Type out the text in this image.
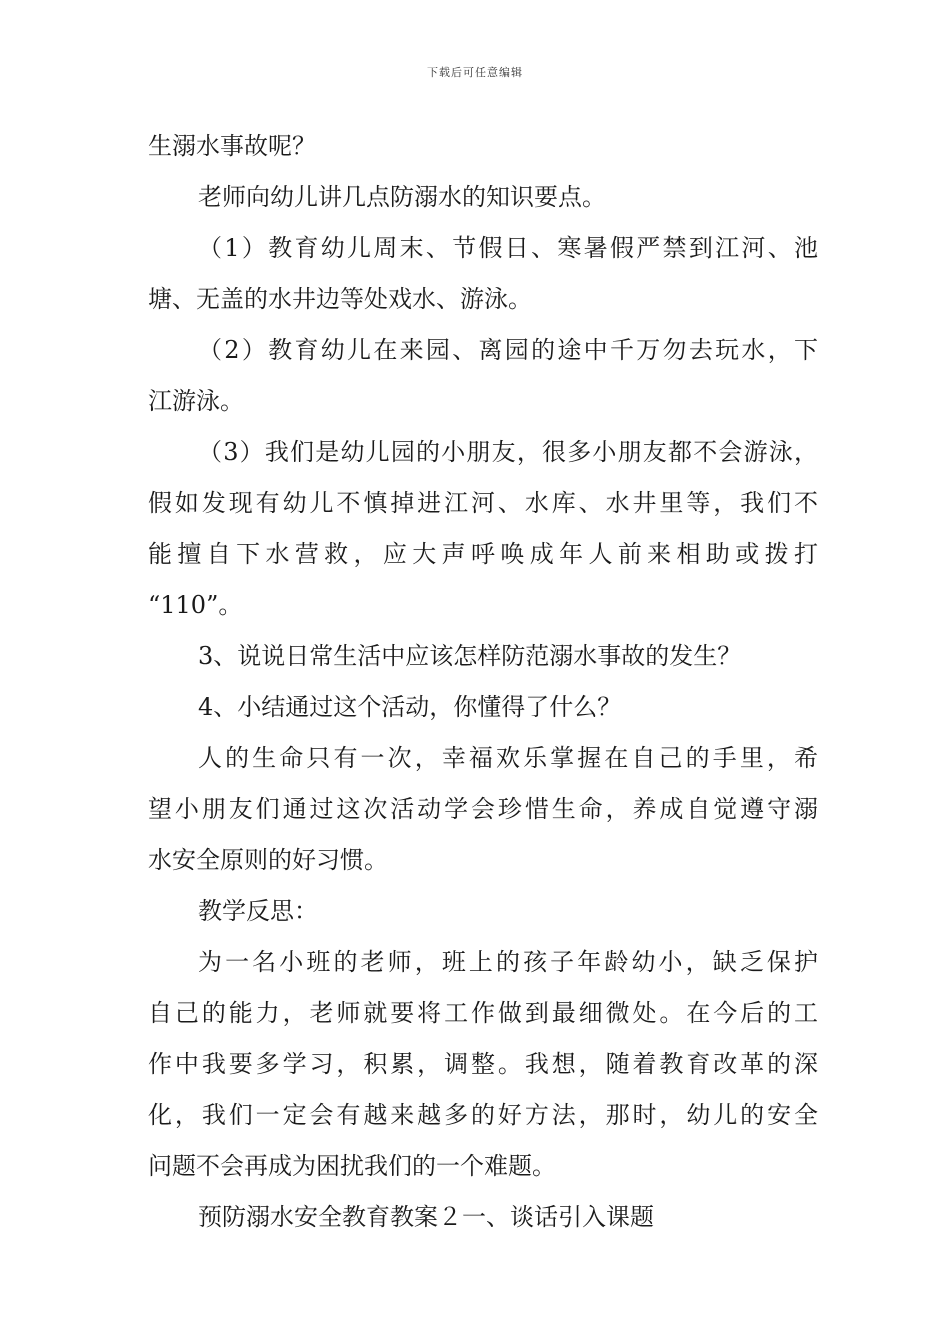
下载后可任意编辑
生溺水事故呢？
老师向幼儿讲几点防溺水的知识要点。
（1）教育幼儿周末、节假日、寒暑假严禁到江河、池
塘、无盖的水井边等处戏水、游泳。
（2）教育幼儿在来园、离园的途中千万勿去玩水，下
江游泳。
（3）我们是幼儿园的小朋友，很多小朋友都不会游泳，
假如发现有幼儿不慎掉进江河、水库、水井里等，我们不
能擅自下水营救，应大声呼唤成年人前来相助或拨打
“110”。
3、说说日常生活中应该怎样防范溺水事故的发生？
4、小结通过这个活动，你懂得了什么？
人的生命只有一次，幸福欢乐掌握在自己的手里，希
望小朋友们通过这次活动学会珍惜生命，养成自觉遵守溺
水安全原则的好习惯。
教学反思：
为一名小班的老师，班上的孩子年龄幼小，缺乏保护
自己的能力，老师就要将工作做到最细微处。在今后的工
作中我要多学习，积累，调整。我想，随着教育改革的深
化，我们一定会有越来越多的好方法，那时，幼儿的安全
问题不会再成为困扰我们的一个难题。
预防溺水安全教育教案２一、谈话引入课题
